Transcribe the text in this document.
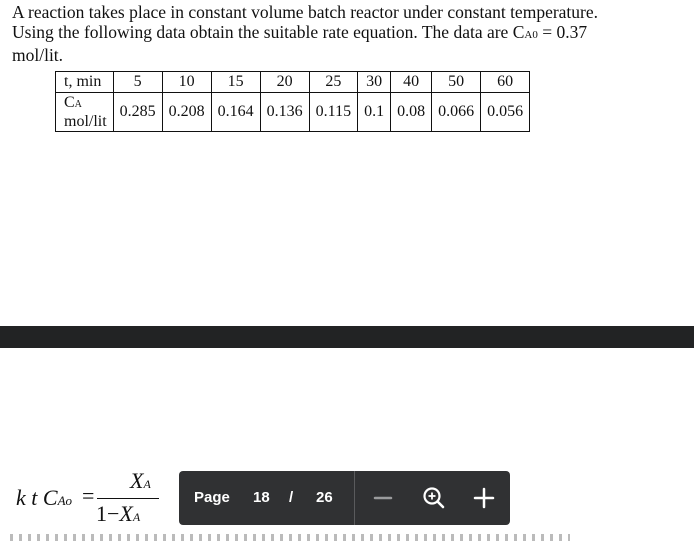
A reaction takes place in constant volume batch reactor under constant temperature.

Using the following data obtain the suitable rate equation. The data are CA0 = 0.37

mol/lit.

t, min	5	10	15	20	25	30	40	50	60

CA
mol/lit	0.285	0.208	0.164	0.136	0.115	0.1	0.08	0.066	0.056
k t CAo =
XA
1−XA
Page 18 / 26
